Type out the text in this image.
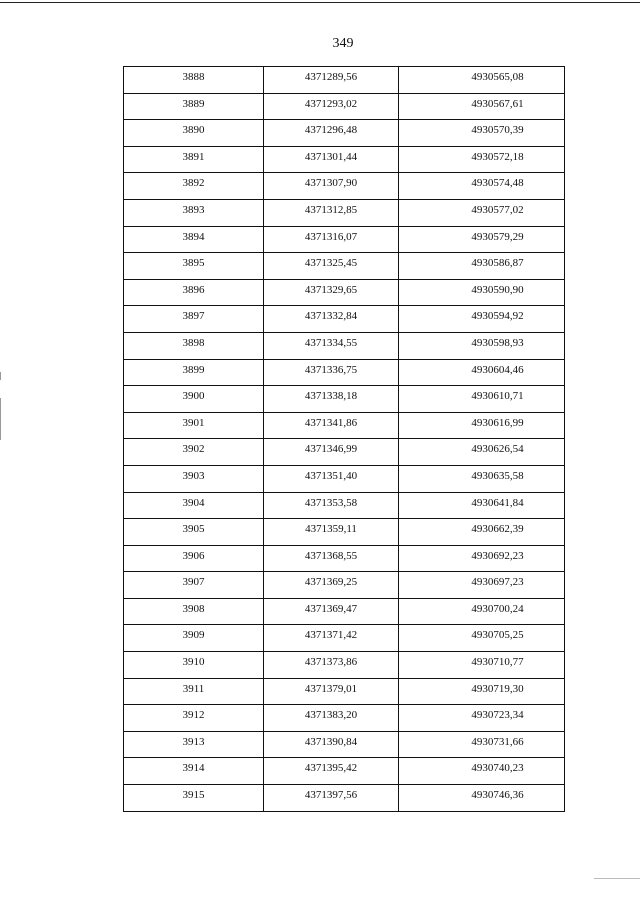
349
3888	4371289,56	4930565,08
3889	4371293,02	4930567,61
3890	4371296,48	4930570,39
3891	4371301,44	4930572,18
3892	4371307,90	4930574,48
3893	4371312,85	4930577,02
3894	4371316,07	4930579,29
3895	4371325,45	4930586,87
3896	4371329,65	4930590,90
3897	4371332,84	4930594,92
3898	4371334,55	4930598,93
3899	4371336,75	4930604,46
3900	4371338,18	4930610,71
3901	4371341,86	4930616,99
3902	4371346,99	4930626,54
3903	4371351,40	4930635,58
3904	4371353,58	4930641,84
3905	4371359,11	4930662,39
3906	4371368,55	4930692,23
3907	4371369,25	4930697,23
3908	4371369,47	4930700,24
3909	4371371,42	4930705,25
3910	4371373,86	4930710,77
3911	4371379,01	4930719,30
3912	4371383,20	4930723,34
3913	4371390,84	4930731,66
3914	4371395,42	4930740,23
3915	4371397,56	4930746,36
